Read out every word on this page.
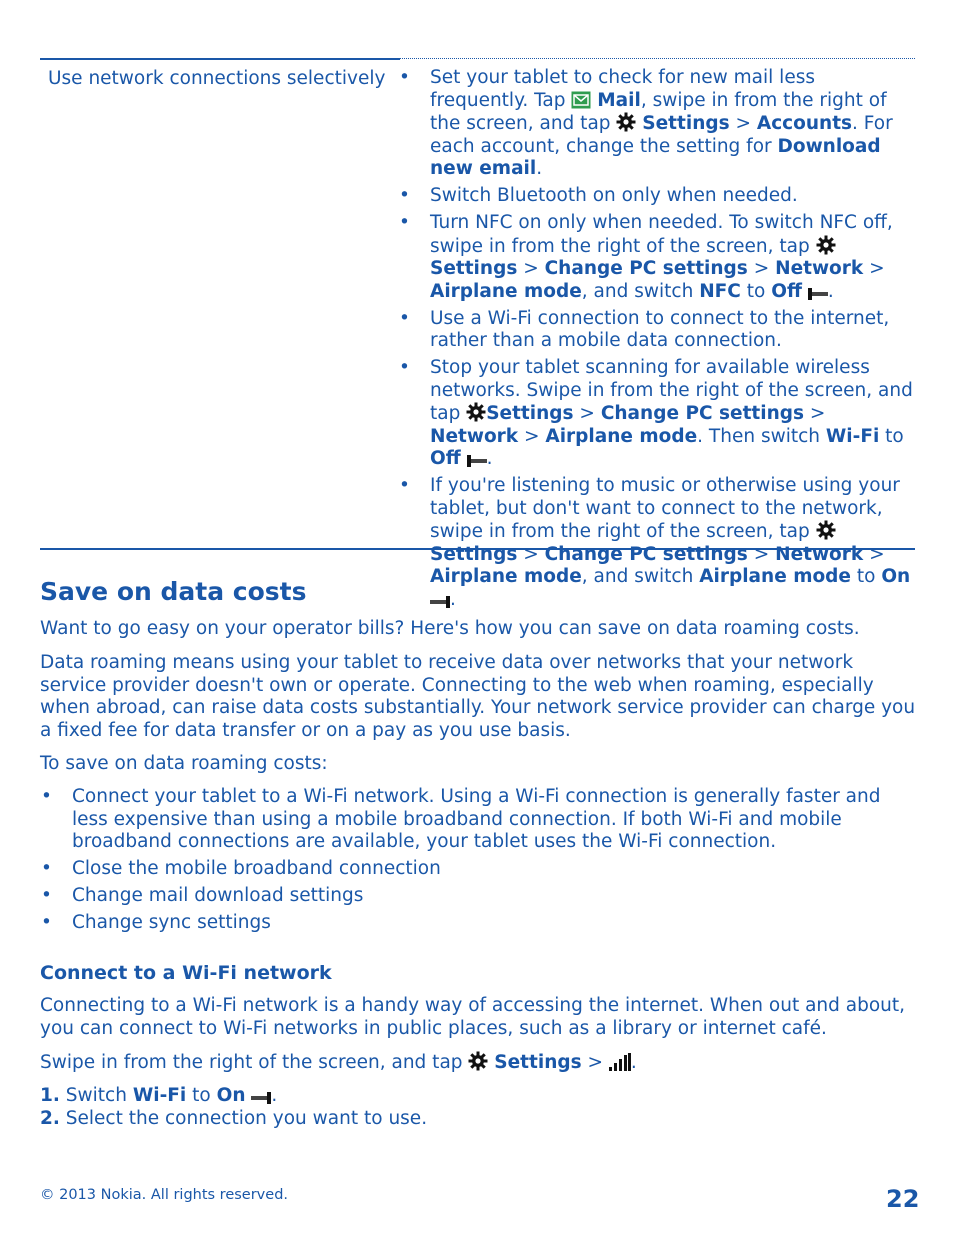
Use network connections selectively
•	Set your tablet to check for new mail less frequently. Tap
Mail, swipe in from the right of the screen, and tap
Settings > Accounts. For each account, change the setting for Download new email.
• Switch Bluetooth on only when needed.
• Turn NFC on only when needed. To switch NFC off, swipe in from the right of the screen, tap
Settings > Change PC settings > Network > Airplane mode, and switch NFC to Off .
• Use a Wi-Fi connection to connect to the internet, rather than a mobile data connection.
• Stop your tablet scanning for available wireless networks. Swipe in from the right of the screen, and tap
Settings > Change PC settings > Network > Airplane mode. Then switch Wi-Fi to Off .
• If you're listening to music or otherwise using your tablet, but don't want to connect to the network, swipe in from the right of the screen, tap
Settings > Change PC settings > Network > Airplane mode, and switch Airplane mode to On
.
Save on data costs

Want to go easy on your operator bills? Here's how you can save on data roaming costs.

Data roaming means using your tablet to receive data over networks that your network service provider doesn't own or operate. Connecting to the web when roaming, especially when abroad, can raise data costs substantially. Your network service provider can charge you a fixed fee for data transfer or on a pay as you use basis.

To save on data roaming costs:

• Connect your tablet to a Wi-Fi network. Using a Wi-Fi connection is generally faster and less expensive than using a mobile broadband connection. If both Wi-Fi and mobile broadband connections are available, your tablet uses the Wi-Fi connection.
• Close the mobile broadband connection
• Change mail download settings
• Change sync settings
Connect to a Wi-Fi network

Connecting to a Wi-Fi network is a handy way of accessing the internet. When out and about, you can connect to Wi-Fi networks in public places, such as a library or internet café.

Swipe in from the right of the screen, and tap
Settings >
.
1. Switch Wi-Fi to On .
2. Select the connection you want to use.
© 2013 Nokia. All rights reserved.	22
